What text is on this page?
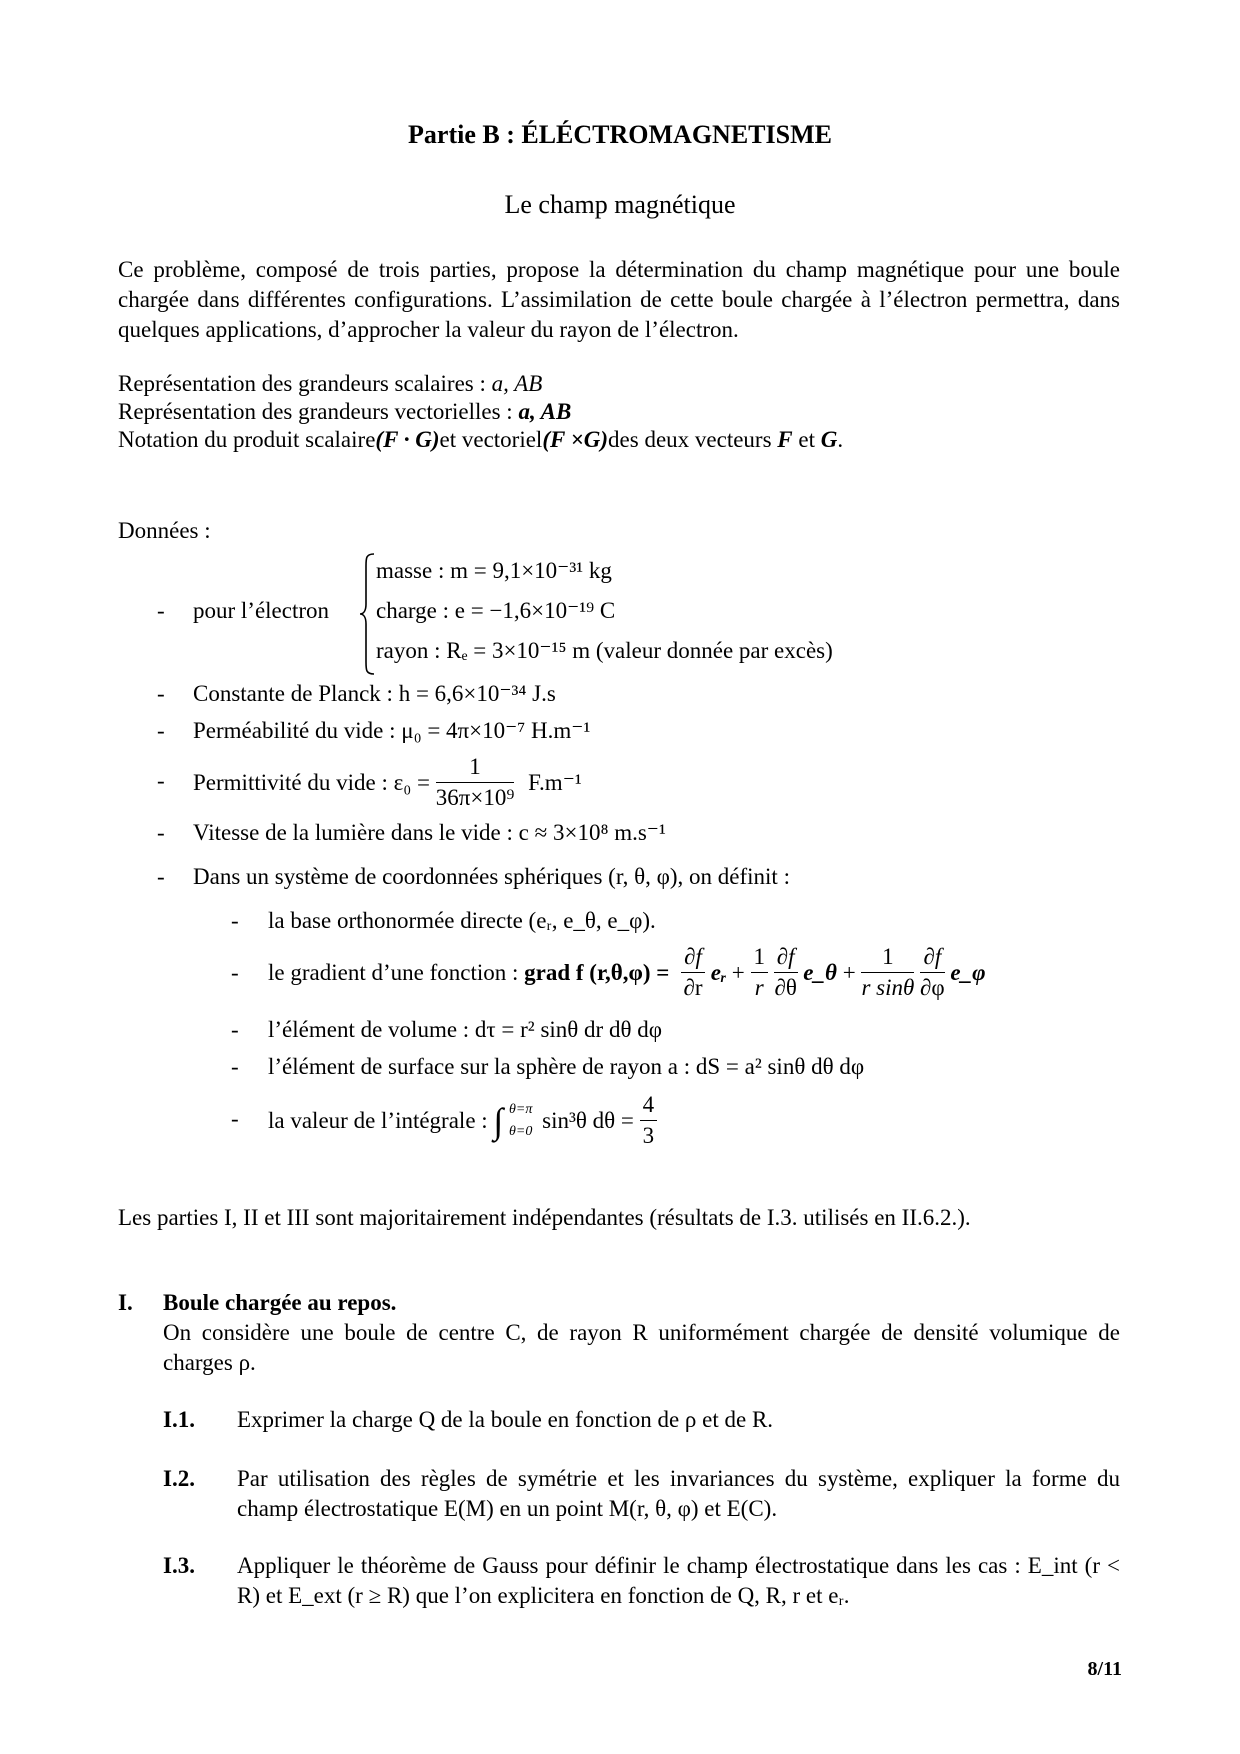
Partie B : ÉLÉCTROMAGNETISME
Le champ magnétique
Ce problème, composé de trois parties, propose la détermination du champ magnétique pour une boule chargée dans différentes configurations. L’assimilation de cette boule chargée à l’électron permettra, dans quelques applications, d’approcher la valeur du rayon de l’électron.
Représentation des grandeurs scalaires : a, AB
Représentation des grandeurs vectorielles : a, AB
Notation du produit scalaire(F · G)et vectoriel(F ×G)des deux vecteurs F et G.
Données :
- pour l’électron
masse : m = 9,1×10⁻³¹ kg
charge : e = −1,6×10⁻¹⁹ C
rayon : Rₑ = 3×10⁻¹⁵ m (valeur donnée par excès)
- Constante de Planck : h = 6,6×10⁻³⁴ J.s
- Perméabilité du vide : μ₀ = 4π×10⁻⁷ H.m⁻¹
- Permittivité du vide : $\varepsilon_0 = \frac{1}{\text{36π×10⁹}} F.m^{-1}$
- Vitesse de la lumière dans le vide : c ≈ 3×10⁸ m.s⁻¹
- Dans un système de coordonnées sphériques (r, θ, φ), on définit :
- la base orthonormée directe (eᵣ, e_θ, e_φ).
- le gradient d’une fonction : grad f $(r,\theta,\varphi) = \frac{\partial f}{\partial r}$ eᵣ + $\frac{1}{r}$
$\frac{\partial f}{\partial\theta}$ e_θ + $\frac{1}{\text{r sinθ}}$
$\frac{\partial f}{\partial\varphi}$ e_φ
- l’élément de volume : dτ = r² sinθ dr dθ dφ
- l’élément de surface sur la sphère de rayon a : dS = a² sinθ dθ dφ
- la valeur de l’intégrale : ∫ θ=π
θ=0 sin³θ $d\theta = \frac{4}{3}$
Les parties I, II et III sont majoritairement indépendantes (résultats de I.3. utilisés en II.6.2.).
I. Boule chargée au repos.
On considère une boule de centre C, de rayon R uniformément chargée de densité volumique de charges ρ.
I.1. Exprimer la charge Q de la boule en fonction de ρ et de R.
I.2. Par utilisation des règles de symétrie et les invariances du système, expliquer la forme du champ électrostatique E(M) en un point M(r, θ, φ) et E(C).
I.3. Appliquer le théorème de Gauss pour définir le champ électrostatique dans les cas : E_int (r < R) et E_ext (r ≥ R) que l’on explicitera en fonction de Q, R, r et eᵣ.
8/11
